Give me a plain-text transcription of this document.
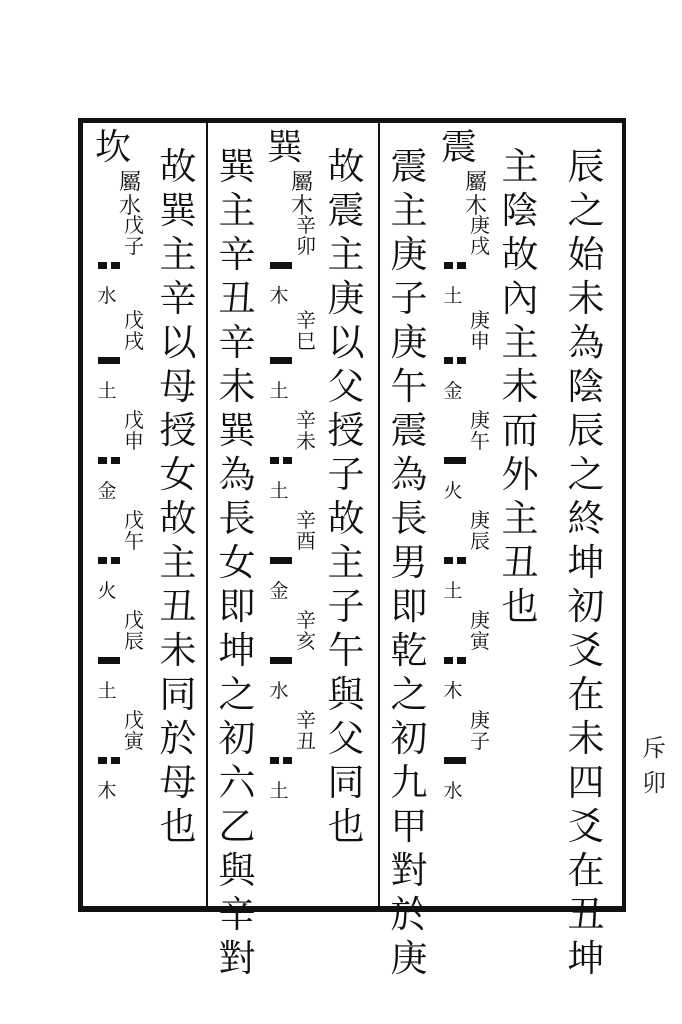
辰
之
始
未
為
陰
辰
之
終
坤
初
爻
在
未
四
爻
在
丑
坤
主
陰
故
內
主
未
而
外
主
丑
也
震
主
庚
子
庚
午
震
為
長
男
即
乾
之
初
九
甲
對
於
庚
故
震
主
庚
以
父
授
子
故
主
子
午
與
父
同
也
巽
主
辛
丑
辛
未
巽
為
長
女
即
坤
之
初
六
乙
與
辛
對
故
巽
主
辛
以
母
授
女
故
主
丑
未
同
於
母
也
斥
卯
震
屬
木
土
庚
戌
金
庚
申
火
庚
午
土
庚
辰
木
庚
寅
水
庚
子
巽
屬
木
木
辛
卯
土
辛
巳
土
辛
未
金
辛
酉
水
辛
亥
土
辛
丑
坎
屬
水
水
戊
子
土
戊
戌
金
戊
申
火
戊
午
土
戊
辰
木
戊
寅
